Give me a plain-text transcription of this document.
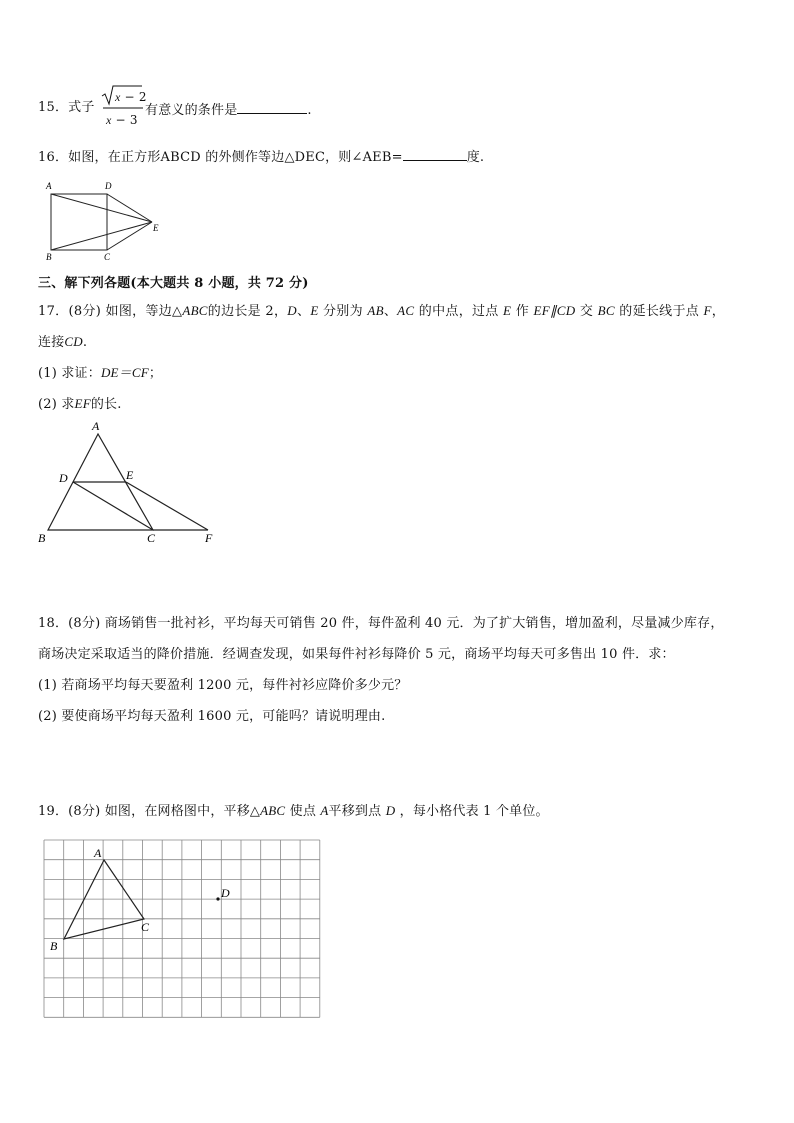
15．式子
x − 2
x − 3
有意义的条件是	.
16．如图，在正方形ABCD 的外侧作等边△DEC，则∠AEB=	度.
A	D
B	C
E
三、解下列各题(本大题共 8 小题，共 72 分)
17．(8分) 如图，等边△ABC的边长是 2，D、E 分别为 AB、AC 的中点，过点 E 作 EF∥CD 交 BC 的延长线于点 F，
连接CD.
(1) 求证：DE＝CF；
(2) 求EF的长.
A
D	E
B	C	F
18．(8分) 商场销售一批衬衫，平均每天可销售 20 件，每件盈利 40 元．为了扩大销售，增加盈利，尽量减少库存，
商场决定采取适当的降价措施．经调查发现，如果每件衬衫每降价 5 元，商场平均每天可多售出 10 件．求：
(1) 若商场平均每天要盈利 1200 元，每件衬衫应降价多少元？
(2) 要使商场平均每天盈利 1600 元，可能吗？请说明理由.
19．(8分) 如图，在网格图中，平移△ABC 使点 A平移到点 D ，每小格代表 1 个单位。
A
B
C
D
